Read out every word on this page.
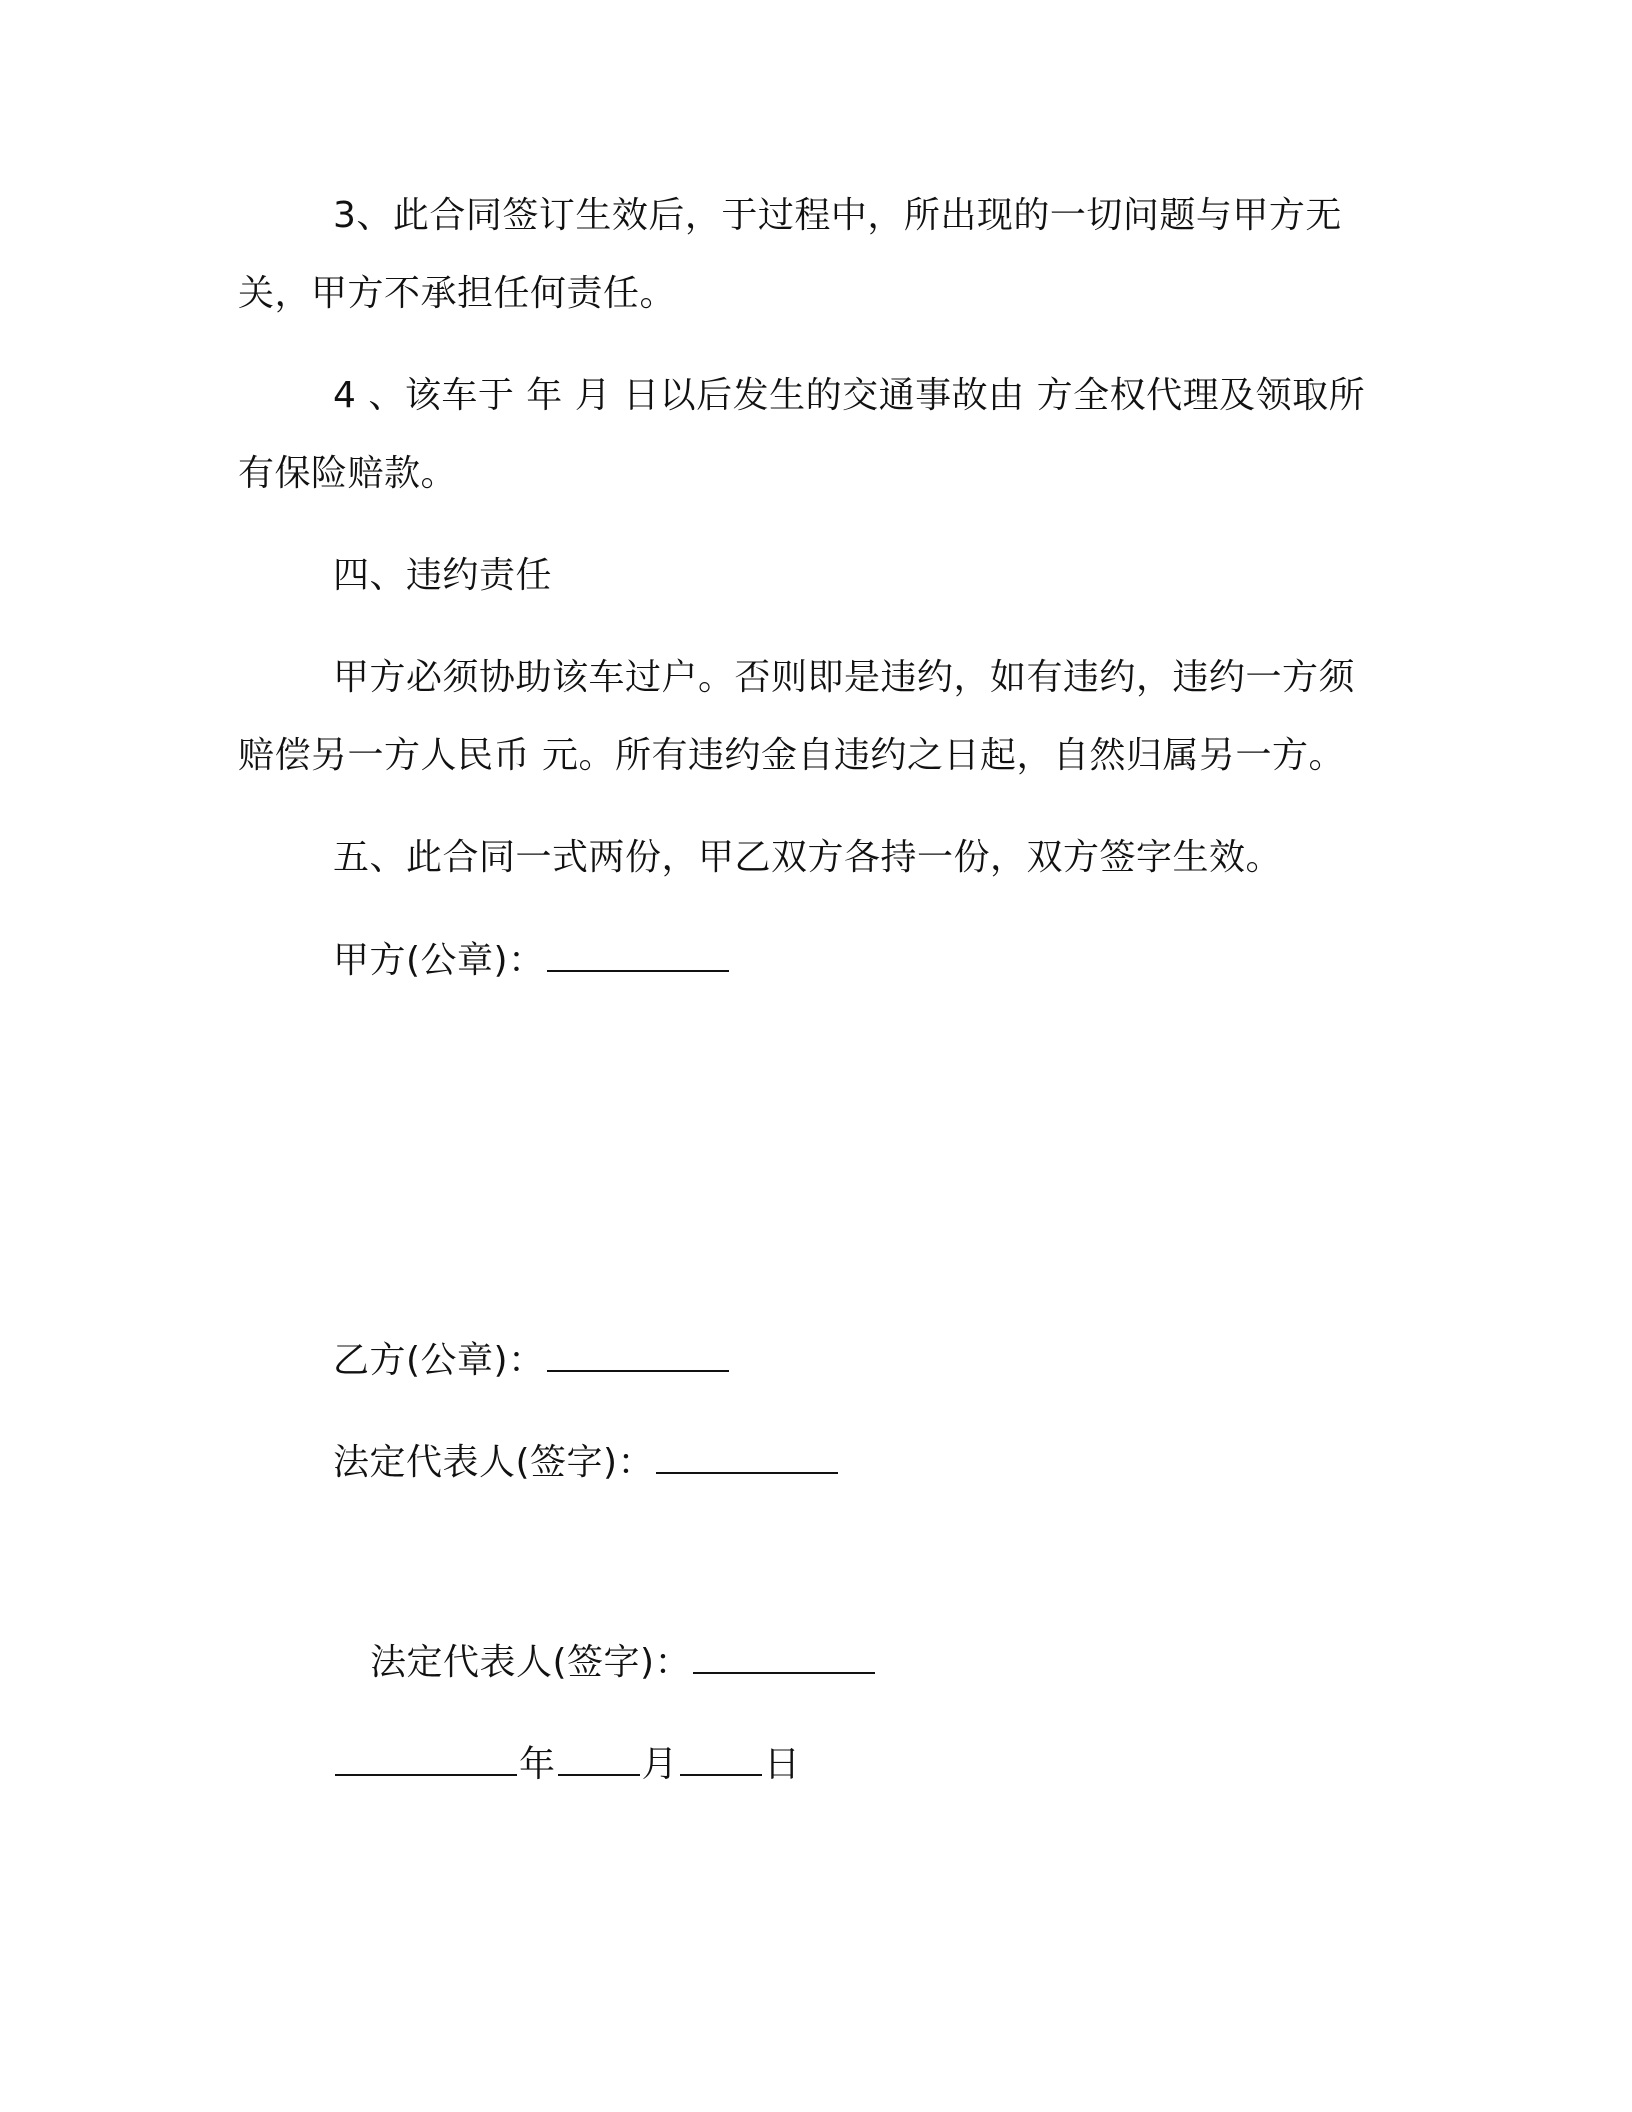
3、此合同签订生效后，于过程中，所出现的一切问题与甲方无
关，甲方不承担任何责任。
4 、该车于 年 月 日以后发生的交通事故由 方全权代理及领取所
有保险赔款。
四、违约责任
甲方必须协助该车过户。否则即是违约，如有违约，违约一方须
赔偿另一方人民币 元。所有违约金自违约之日起，自然归属另一方。
五、此合同一式两份，甲乙双方各持一份，双方签字生效。
甲方(公章)：
乙方(公章)：
法定代表人(签字)：
法定代表人(签字)：
年 月 日
